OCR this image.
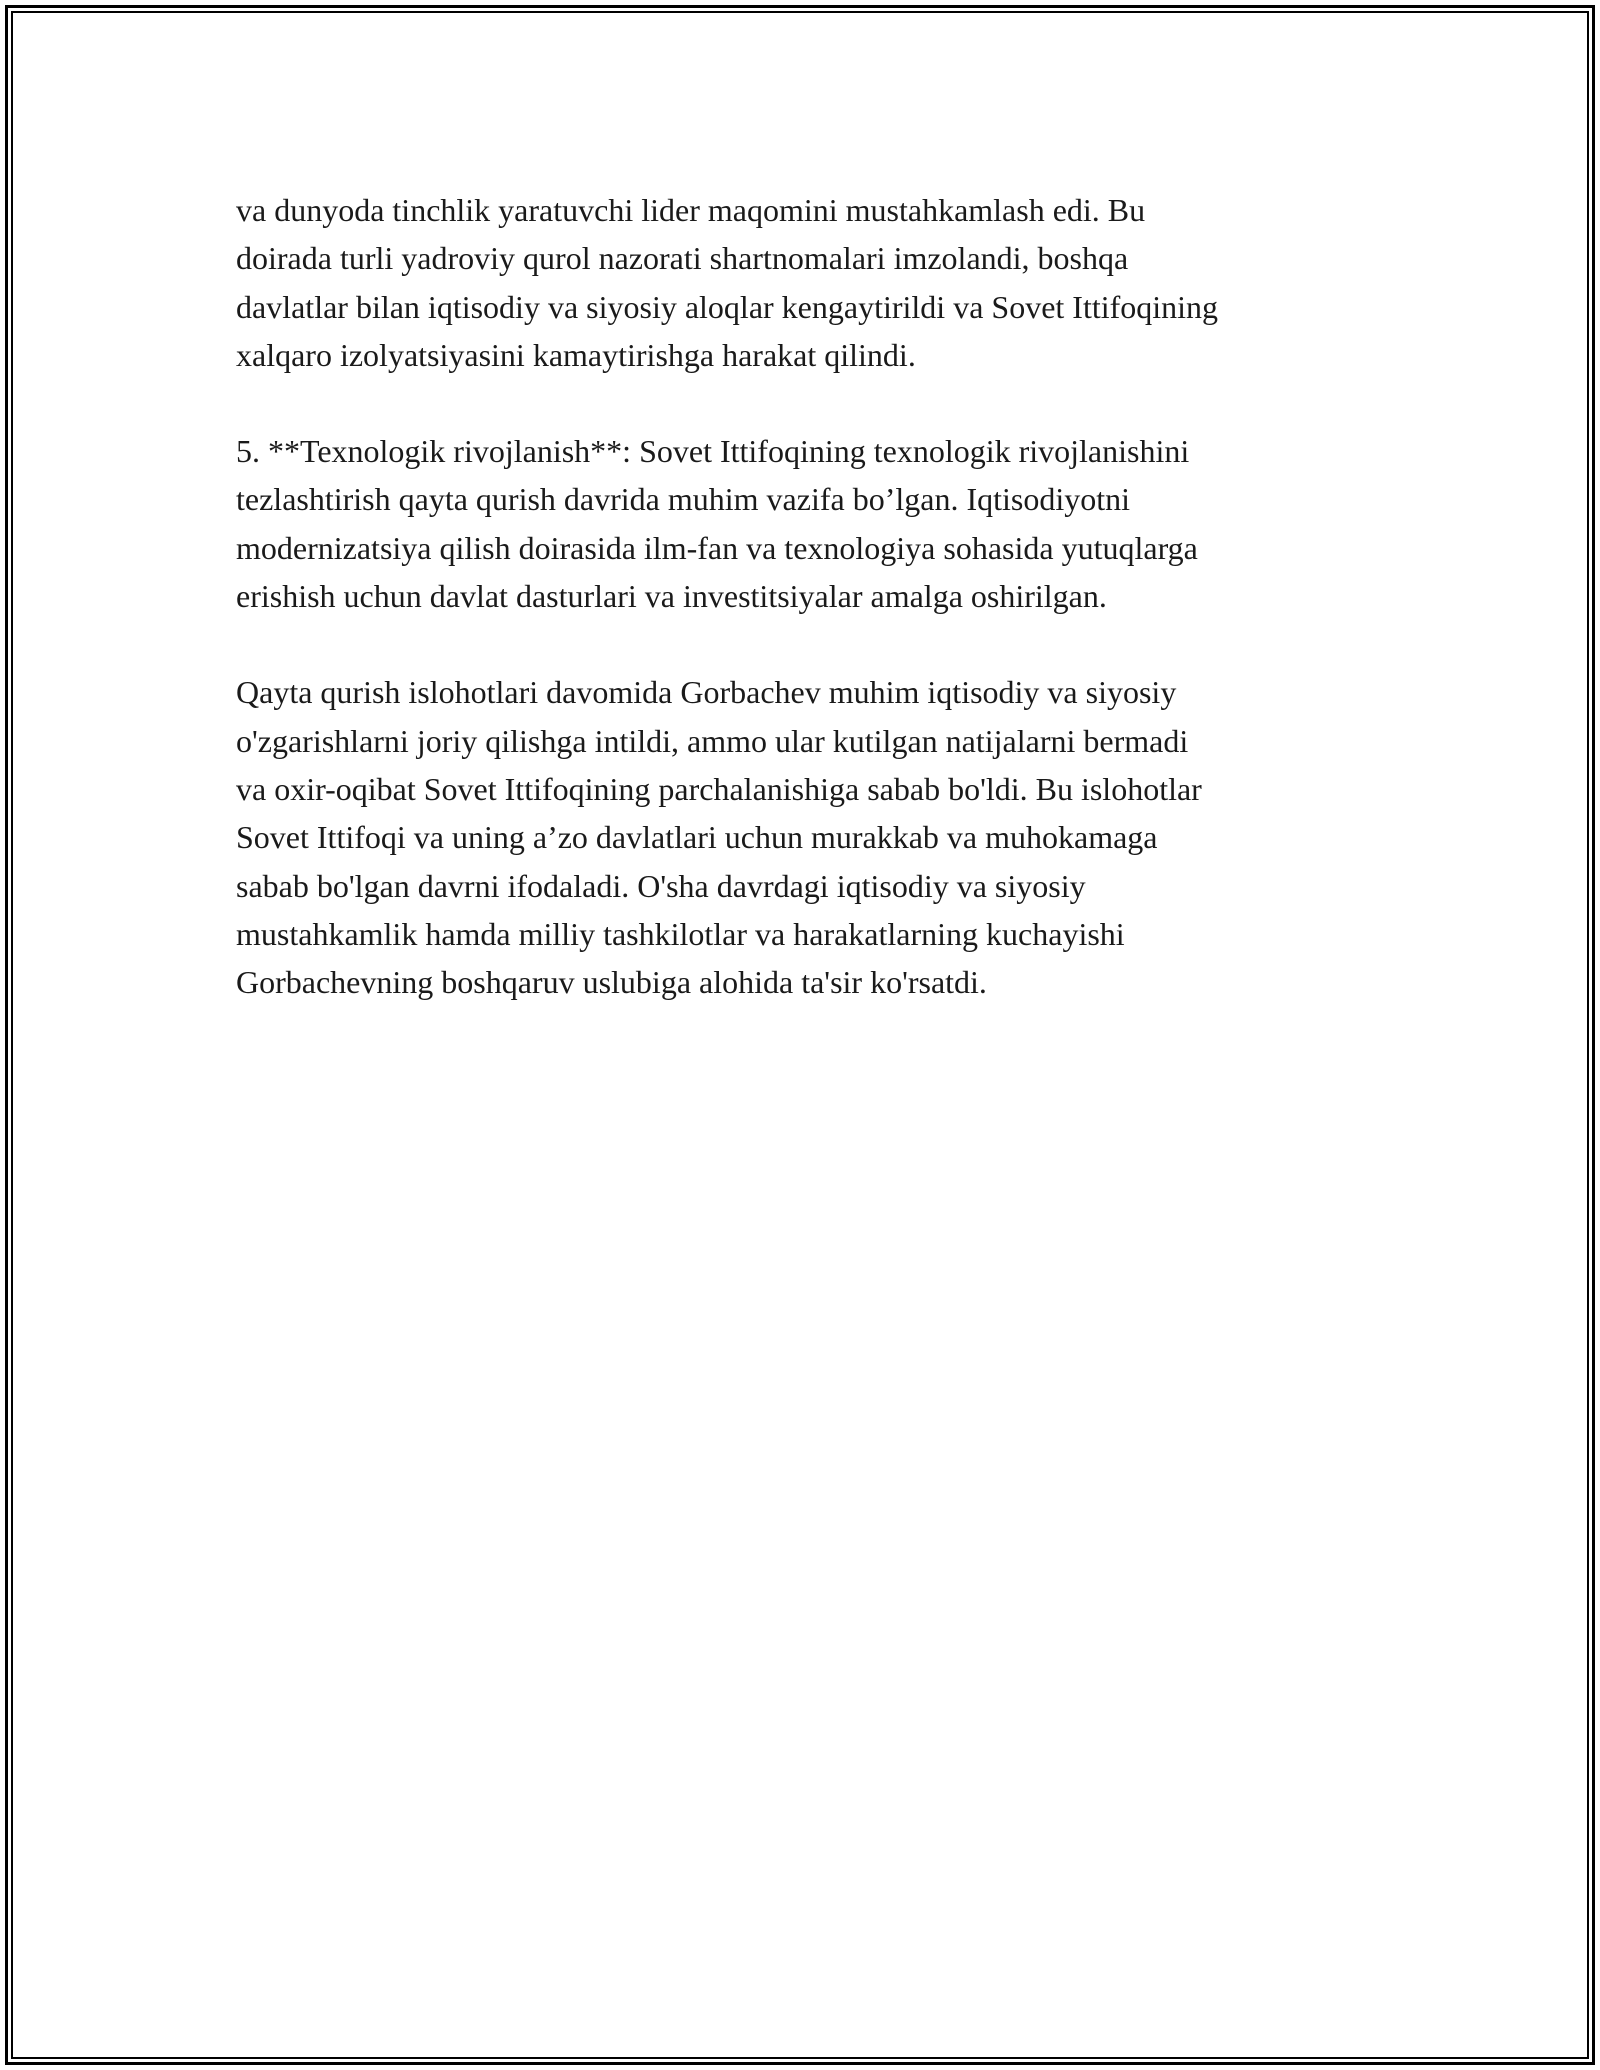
va dunyoda tinchlik yaratuvchi lider maqomini mustahkamlash edi. Bu
doirada turli yadroviy qurol nazorati shartnomalari imzolandi, boshqa
davlatlar bilan iqtisodiy va siyosiy aloqlar kengaytirildi va Sovet Ittifoqining
xalqaro izolyatsiyasini kamaytirishga harakat qilindi.

5. **Texnologik rivojlanish**: Sovet Ittifoqining texnologik rivojlanishini
tezlashtirish qayta qurish davrida muhim vazifa bo’lgan. Iqtisodiyotni
modernizatsiya qilish doirasida ilm-fan va texnologiya sohasida yutuqlarga
erishish uchun davlat dasturlari va investitsiyalar amalga oshirilgan.

Qayta qurish islohotlari davomida Gorbachev muhim iqtisodiy va siyosiy
o'zgarishlarni joriy qilishga intildi, ammo ular kutilgan natijalarni bermadi
va oxir-oqibat Sovet Ittifoqining parchalanishiga sabab bo'ldi. Bu islohotlar
Sovet Ittifoqi va uning a’zo davlatlari uchun murakkab va muhokamaga
sabab bo'lgan davrni ifodaladi. O'sha davrdagi iqtisodiy va siyosiy
mustahkamlik hamda milliy tashkilotlar va harakatlarning kuchayishi
Gorbachevning boshqaruv uslubiga alohida ta'sir ko'rsatdi.
